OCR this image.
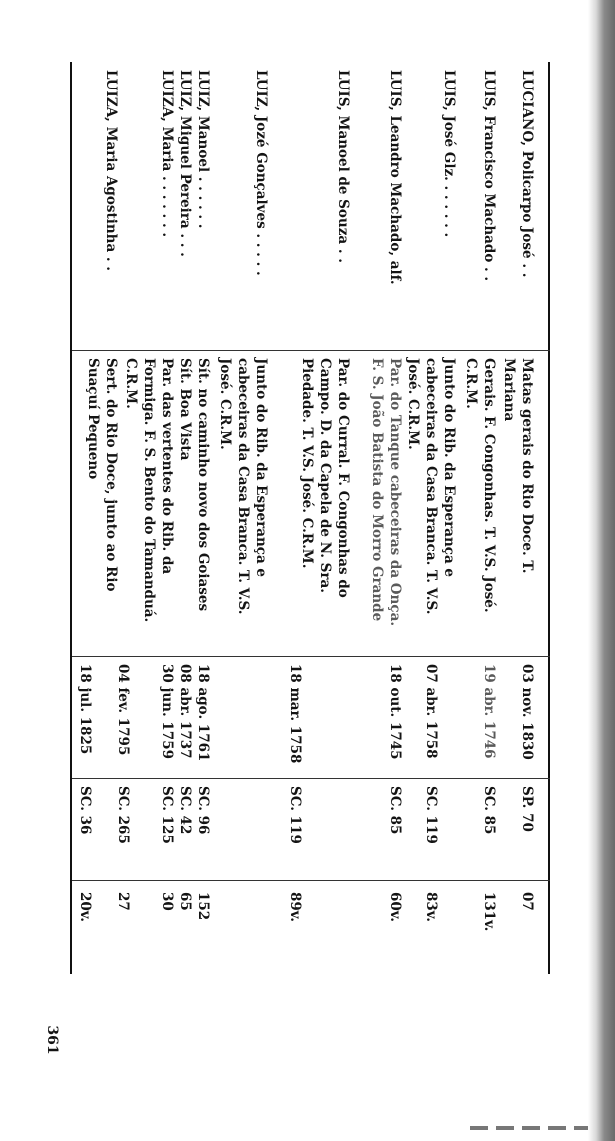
361
LUCIANO, Policarpo José . .
Matas gerais do Rio Doce. T. Mariana
03 nov. 1830
SP. 70
07
LUIS, Francisco Machado . .
Gerais. F. Congonhas. T. V.S. José. C.R.M.
19 abr. 1746
SC. 85
131v.
LUIS, José Glz. . . . . . .
Junto do Rib. da Esperança e cabeceiras da Casa Branca. T. V.S. José. C.R.M.
07 abr. 1758
SC. 119
83v.
LUIS, Leandro Machado, alf.
Par. do Tanque cabeceiras da Onça. F. S. João Batista do Morro Grande
18 out. 1745
SC. 85
60v.
LUIS, Manoel de Souza . .
Par. do Curral. F. Congonhas do Campo. D. da Capela de N. Sra. Piedade. T. V.S. José. C.R.M.
18 mar. 1758
SC. 119
89v.
LUIZ, Jozé Gonçalves . . . . .
Junto do Rib. da Esperança e cabeceiras da Casa Branca. T. V.S. José. C.R.M.
LUIZ, Manoel . . . . . .
Sít. no caminho novo dos Goiases
18 ago. 1761
SC. 96
152
LUIZ, Miguel Pereira . . .
Sít. Boa Vista
08 abr. 1737
SC. 42
65
LUIZA, Maria . . . . . . .
Par. das vertentes do Rib. da Formiga. F. S. Bento do Tamanduá. C.R.M.
30 jun. 1759
SC. 125
30
LUIZA, Maria Agostinha . .
Sert. do Rio Doce, junto ao Rio Suaçuí Pequeno
04 fev. 1795
SC. 265
27
18 jul. 1825
SC. 36
20v.
